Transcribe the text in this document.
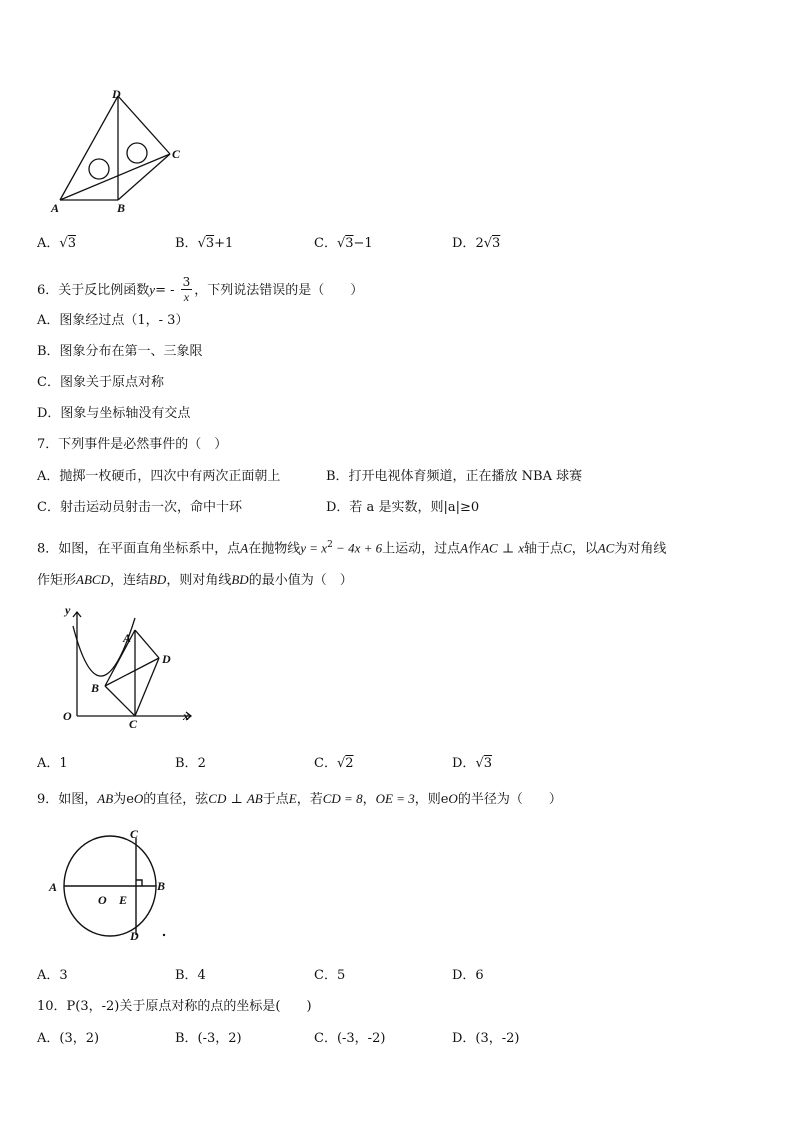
D
C
A	B
A．√3	B．√3+1	C．√3−1	D．2√3
6．关于反比例函数$y= - \frac{3}{x}$ ，下列说法错误的是（　　）
A．图象经过点（1，- 3）
B．图象分布在第一、三象限
C．图象关于原点对称
D．图象与坐标轴没有交点
7．下列事件是必然事件的（　）
A．抛掷一枚硬币，四次中有两次正面朝上	B．打开电视体育频道，正在播放 NBA 球赛
C．射击运动员射击一次，命中十环	D．若 a 是实数，则|a|≥0
8．如图，在平面直角坐标系中，点A在抛物线$y = x^2 - 4x + 6$上运动，过点A作AC ⊥ x轴于点C，以AC为对角线
作矩形ABCD，连结BD，则对角线BD的最小值为（　）
y
x
O
A
B
C
D
A．1	B．2	C．√2	D．√3
9．如图，AB为eO的直径，弦CD ⊥ AB于点E，若CD = 8，OE = 3，则eO的半径为（　　）
C
A	B
O E
D
A．3	B．4	C．5	D．6
10．P(3，-2)关于原点对称的点的坐标是(　　)
A．(3，2)	B．(-3，2)	C．(-3，-2)	D．(3，-2)
